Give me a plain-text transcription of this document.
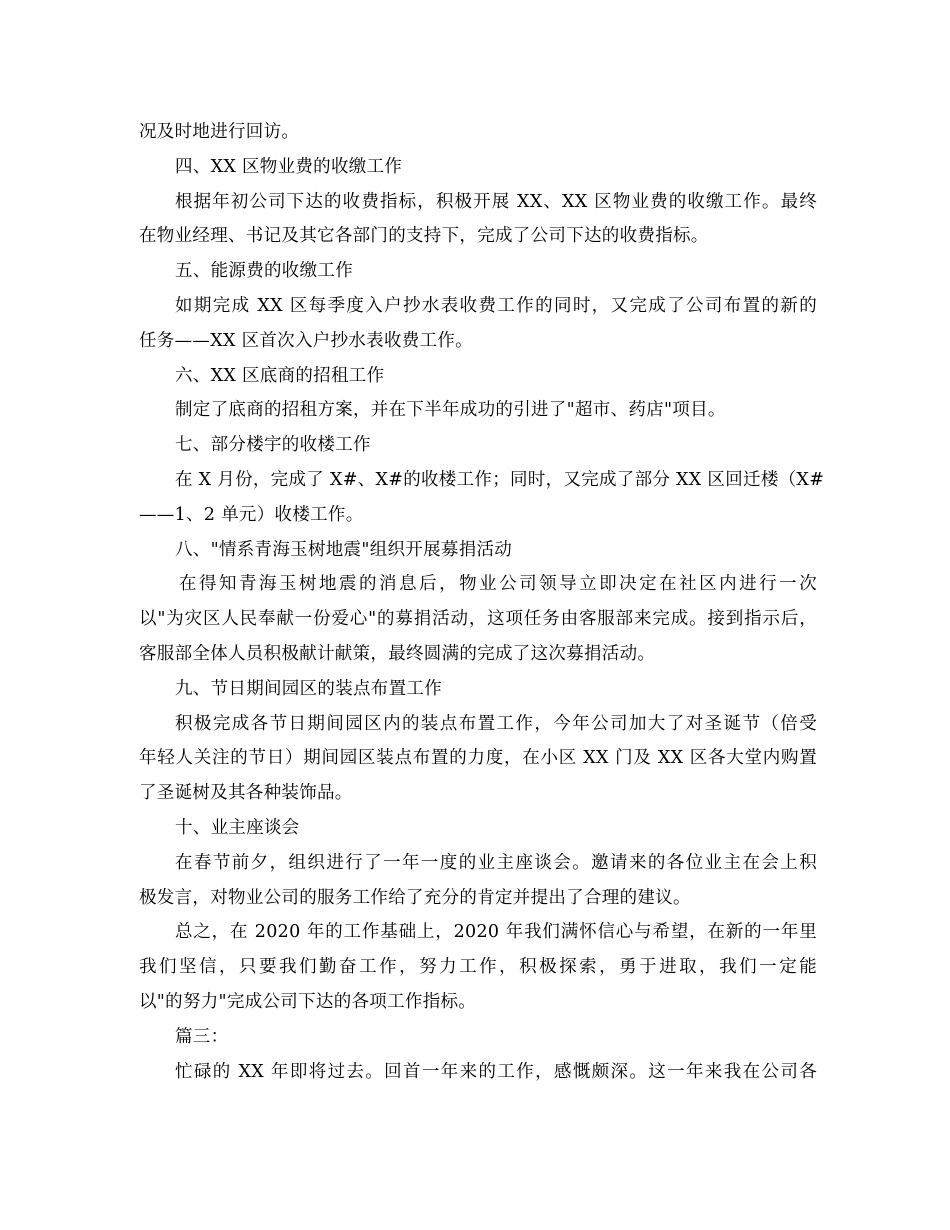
况及时地进行回访。
四、XX 区物业费的收缴工作
根据年初公司下达的收费指标，积极开展 XX、XX 区物业费的收缴工作。最终
在物业经理、书记及其它各部门的支持下，完成了公司下达的收费指标。
五、能源费的收缴工作
如期完成 XX 区每季度入户抄水表收费工作的同时，又完成了公司布置的新的
任务——XX 区首次入户抄水表收费工作。
六、XX 区底商的招租工作
制定了底商的招租方案，并在下半年成功的引进了"超市、药店"项目。
七、部分楼宇的收楼工作
在 X 月份，完成了 X#、X#的收楼工作；同时，又完成了部分 XX 区回迁楼（X#
——1、2 单元）收楼工作。
八、"情系青海玉树地震"组织开展募捐活动
在得知青海玉树地震的消息后，物业公司领导立即决定在社区内进行一次
以"为灾区人民奉献一份爱心"的募捐活动，这项任务由客服部来完成。接到指示后，
客服部全体人员积极献计献策，最终圆满的完成了这次募捐活动。
九、节日期间园区的装点布置工作
积极完成各节日期间园区内的装点布置工作，今年公司加大了对圣诞节（倍受
年轻人关注的节日）期间园区装点布置的力度，在小区 XX 门及 XX 区各大堂内购置
了圣诞树及其各种装饰品。
十、业主座谈会
在春节前夕，组织进行了一年一度的业主座谈会。邀请来的各位业主在会上积
极发言，对物业公司的服务工作给了充分的肯定并提出了合理的建议。
总之，在 2020 年的工作基础上，2020 年我们满怀信心与希望，在新的一年里
我们坚信，只要我们勤奋工作，努力工作，积极探索，勇于进取，我们一定能
以"的努力"完成公司下达的各项工作指标。
篇三：
忙碌的 XX 年即将过去。回首一年来的工作，感慨颇深。这一年来我在公司各
